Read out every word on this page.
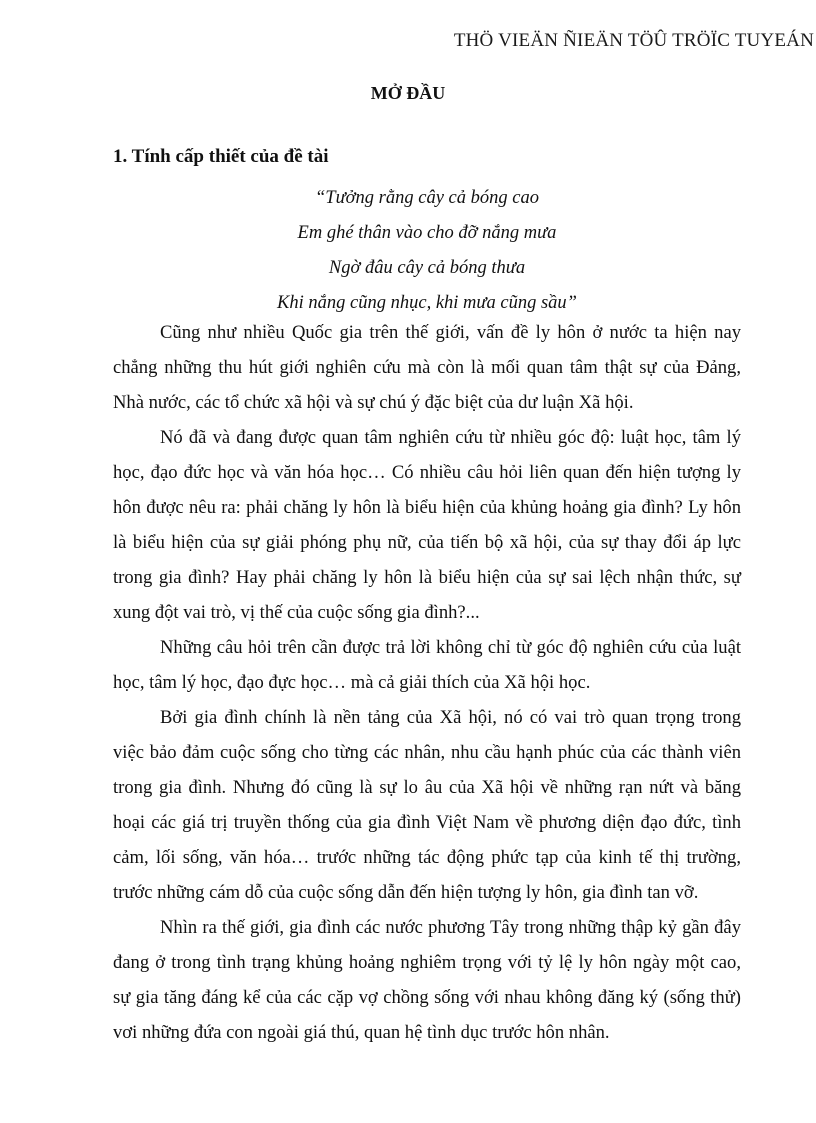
THÖ VIEÄN ÑIEÄN TÖÛ TRÖÏC TUYEÁN
MỞ ĐẦU
1. Tính cấp thiết của đề tài
“Tưởng rằng cây cả bóng cao
Em ghé thân vào cho đỡ nắng mưa
Ngờ đâu cây cả bóng thưa
Khi nắng cũng nhục, khi mưa cũng sầu”
Cũng như nhiều Quốc gia trên thế giới, vấn đề ly hôn ở nước ta hiện nay
chẳng những thu hút giới nghiên cứu mà còn là mối quan tâm thật sự của Đảng,
Nhà nước, các tổ chức xã hội và sự chú ý đặc biệt của dư luận Xã hội.
Nó đã và đang được quan tâm nghiên cứu từ nhiều góc độ: luật học, tâm lý
học, đạo đức học và văn hóa học… Có nhiều câu hỏi liên quan đến hiện tượng ly
hôn được nêu ra: phải chăng ly hôn là biểu hiện của khủng hoảng gia đình? Ly hôn
là biểu hiện của sự giải phóng phụ nữ, của tiến bộ xã hội, của sự thay đổi áp lực
trong gia đình? Hay phải chăng ly hôn là biểu hiện của sự sai lệch nhận thức, sự
xung đột vai trò, vị thế của cuộc sống gia đình?...
Những câu hỏi trên cần được trả lời không chỉ từ góc độ nghiên cứu của luật
học, tâm lý học, đạo đực học… mà cả giải thích của Xã hội học.
Bởi gia đình chính là nền tảng của Xã hội, nó có vai trò quan trọng trong
việc bảo đảm cuộc sống cho từng các nhân, nhu cầu hạnh phúc của các thành viên
trong gia đình. Nhưng đó cũng là sự lo âu của Xã hội về những rạn nứt và băng
hoại các giá trị truyền thống của gia đình Việt Nam về phương diện đạo đức, tình
cảm, lối sống, văn hóa… trước những tác động phức tạp của kinh tế thị trường,
trước những cám dỗ của cuộc sống dẫn đến hiện tượng ly hôn, gia đình tan vỡ.
Nhìn ra thế giới, gia đình các nước phương Tây trong những thập kỷ gần đây
đang ở trong tình trạng khủng hoảng nghiêm trọng với tỷ lệ ly hôn ngày một cao,
sự gia tăng đáng kể của các cặp vợ chồng sống với nhau không đăng ký (sống thử)
vơi những đứa con ngoài giá thú, quan hệ tình dục trước hôn nhân.
